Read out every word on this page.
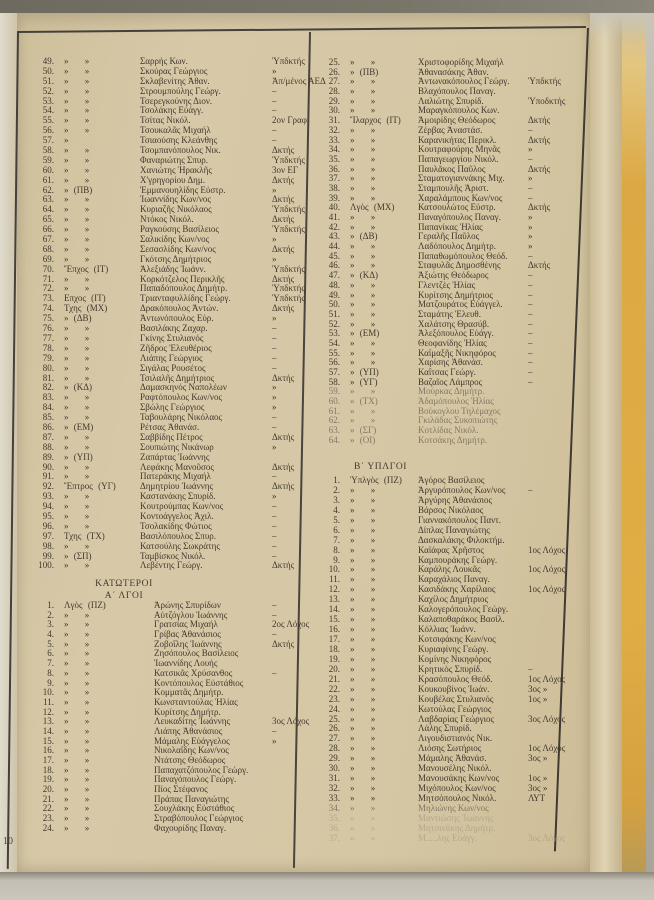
49.	» »	Σαρρής Κων.	Ὑπδκτής
50.	» »	Σκούρας Γεώργιος	»
51.	» »	Σκλαβενίτης Ἀθαν.	Ἀπ/μένος ΑΕΔ
52.	» »	Στρουμπούλης Γεώργ.	–
53.	» »	Τσερεγκούνης Διον.	–
54.	» »	Τσολάκης Εὐάγγ.	–
55.	» »	Τσίτας Νικόλ.	2ον Γραφ.
56.	» »	Τσουκαλᾶς Μιχαήλ	–
57.	»	Τσιαούσης Κλεάνθης	–
58.	» »	Τσομπανόπουλος Νικ.	Δκτής
59.	» »	Φαναριώτης Σπυρ.	Ὑπδκτής
60.	» »	Χανιώτης Ἡρακλῆς	3ον ΕΓ
61.	» »	Χ'γρηγορίου Δημ.	Δκτής
62.	» (ΠΒ)	Ἐμμανουηλίδης Εὐστρ.	»
63.	» »	Ἰωαννίδης Κων/νος	Δκτής
64.	» »	Κυριαζῆς Νικόλαος	Ὑπδκτής
65.	» »	Ντόκος Νικόλ.	Δκτής
66.	» »	Ραγκούσης Βασίλειος	Ὑπδκτής
67.	» »	Σαλικίδης Κων/νος	»
68.	» »	Σεσασλίδης Κων/νος	Δκτής
69.	» »	Γκότσης Δημήτριος	»
70.	Ἔπχος (ΙΤ)	Ἀλεξιάδης Ἰωάνν.	Ὑπδκτής
71.	» »	Κορκότζελος Περικλῆς	Δκτής
72.	» »	Παπαδόπουλος Δημήτρ.	Ὑπδκτής
73.	Επχος (ΙΤ)	Τριανταφυλλίδης Γεώργ.	Ὑπδκτής
74.	Τχης (ΜΧ)	Δρακόπουλος Ἀντών.	Δκτής
75.	» (ΔΒ)	Ἀντωνόπουλος Εὐρ.	»
76.	» »	Βασιλάκης Ζαχαρ.	–
77.	» »	Γκίνης Στυλιανός	–
78.	» »	Ζῆδρος Ἐλευθέριος	–
79.	» »	Λιάπης Γεώργιος	–
80.	» »	Σιγάλας Ρουσέτος	–
81.	» »	Τσιλαλῆς Δημήτριος	Δκτής
82.	» (ΚΔ)	Δαμασκηνός Ναπολέων	»
83.	» »	Ραφτόπουλος Κων/νος	»
84.	» »	Σβώλης Γεώργιος	»
85.	» »	Ταβουλάρης Νικόλαος	–
86.	» (ΕΜ)	Ρέτσας Ἀθανάσ.	–
87.	» »	Σαββίδης Πέτρος	Δκτής
88.	» »	Σουπιώτης Νικάνωρ	»
89.	» (ΥΠ)	Ζαπάρτας Ἰωάννης
90.	» »	Λεφάκης Μανοῦσος	Δκτής
91.	» »	Πατεράκης Μιχαήλ	–
92.	Ἔπτρος (ΥΓ)	Δημητρίου Ἰωάννης	Δκτής
93.	» »	Καστανάκης Σπυρίδ.	»
94.	» »	Κουτρούμπας Κων/νος	–
95.	» »	Κοντοάγγελος Ἀχιλ.	–
96.	» »	Τσολακίδης Φώτιος	–
97.	Τχης (ΤΧ)	Βασιλόπουλος Σπυρ.	–
98.	» »	Κατσούλης Σωκράτης	–
99.	» (ΣΠ)	Ταμβίσκος Νικόλ.	–
100.	» »	Λεβέντης Γεώργ.	Δκτής
ΚΑΤΩΤΕΡΟΙ
Α΄ ΛΓΟΙ
1.	Λγὸς (ΠΖ)	Ἀρώνης Σπυρίδων	–
2.	» »	Αὐτζόγλου Ἰωάννης	–
3.	» »	Γρατσίας Μιχαήλ	2ος Λόχος
4.	» »	Γρίβας Ἀθανάσιος	–
5.	» »	Ζοβοΐλης Ἰωάννης	Δκτής
6.	» »	Ζησόπουλος Βασίλειος
7.	» »	Ἰωαννίδης Λουής
8.	» »	Κατσικᾶς Χρύσανθος	–
9.	» »	Κοντόπουλος Εὐστάθιος
10.	» »	Κομματᾶς Δημήτρ.
11.	» »	Κωνσταντούλας Ἠλίας
12.	» »	Κυρίτσης Δημήτρ.
13.	» »	Λευκαδίτης Ἰωάννης	3ος Λόχος
14.	» »	Λιάπης Ἀθανάσιος	–
15.	» »	Μάμαλης Εὐάγγελος	»
16.	» »	Νικολαΐδης Κων/νος
17.	» »	Ντάτσης Θεόδωρος
18.	» »	Παπαχατζόπουλος Γεώργ.
19.	» »	Παναγόπουλος Γεώργ.
20.	» »	Πίος Στέφανος
21.	» »	Πράπας Παναγιώτης
22.	» »	Σουχλάκης Εὐστάθιος
23.	» »	Στραβόπουλος Γεώργιος
24.	» »	Φαχουρίδης Παναγ.
25.	» »	Χριστοφορίδης Μιχαήλ
26.	» (ΠΒ)	Ἀθανασάκης Ἀθαν.
27.	» »	Ἀντωνακόπουλος Γεώργ.	Ὑπδκτής
28.	» »	Βλαχόπουλος Παναγ.
29.	» »	Λαλιώτης Σπυρίδ.	Ὑποδκτής
30.	» »	Μαραγκόπουλος Κων.
31.	Ἴλαρχος (ΙΤ)	Ἀμοιρίδης Θεόδωρος	Δκτής
32.	» »	Ζέρβας Ἀναστάσ.	–
33.	» »	Καρανικήτας Περικλ.	Δκτής
34.	» »	Κουτραφούρης Μηνᾶς	»
35.	» »	Παπαγεωργίου Νικόλ.	–
36.	» »	Παυλᾶκος Παῦλος	Δκτής
37.	» »	Σταματογιαννάκης Μιχ.	»
38.	» »	Σταμπουλῆς Ἀριστ.	–
39.	» »	Χαραλάμπους Κων/νος	–
40.	Λγὸς (ΜΧ)	Κατσουλώτος Εὐστρ.	Δκτής
41.	» »	Παναγόπουλος Παναγ.	»
42.	» »	Παπανίκας Ἠλίας	»
43.	» (ΔΒ)	Γεραλῆς Παῦλος	»
44.	» »	Λαδόπουλος Δημήτρ.	»
45.	» »	Παπαθωμόπουλος Θεόδ.	–
46.	» »	Σταφυλᾶς Δημοσθένης	Δκτής
47.	» (ΚΔ)	Ἀξιώτης Θεόδωρος	–
48.	» »	Γλεντζὲς Ἠλίας	–
49.	» »	Κυρίτσης Δημήτριος	–
50.	» »	Ματζουράτος Εὐάγγελ.	–
51.	» »	Σταμάτης Ἐλευθ.	–
52.	» »	Χαλάτσης Θρασύβ.	–
53.	» (ΕΜ)	Ἀλεξόπουλος Εὐάγγ.	–
54.	» »	Θεοφανίδης Ἠλίας	–
55.	» »	Καϊμαξῆς Νικηφόρος	–
56.	» »	Χαρίσης Ἀθανάσ.	–
57.	» (ΥΠ)	Καΐτσας Γεώργ.	–
58.	» (ΥΓ)	Βαζαῖος Λάμπρος	–
59.	» »	Μούρκας Δημήτρ.
60.	» (ΤΧ)	Ἀδαμόπουλος Ἠλίας
61.	» »	Βούκογλου Τηλέμαχος
62.	» »	Γκιλάδας Συκοπιώτης
63.	» (ΣΓ)	Κοτλίδας Νικόλ.
64.	» (ΟΙ)	Κοτσάκης Δημήτρ.
Β΄ ΥΠΛΓΟΙ
1.	Ὑπλγὸς (ΠΖ)	Ἀγόρος Βασίλειος
2.	» »	Ἀργυρόπουλος Κων/νος	–
3.	» »	Ἀργύρης Ἀθανάσιος
4.	» »	Βάρσος Νικόλαος
5.	» »	Γιαννακόπουλος Παντ.
6.	» »	Δίπλας Παναγιώτης
7.	» »	Δασκαλάκης Φιλοκτήμ.
8.	» »	Καϊάφας Χρῆστος	1ος Λόχος
9.	» »	Καμπουράκης Γεώργ.
10.	» »	Καράλης Λουκᾶς	1ος Λόχος
11.	» »	Καραχάλιος Παναγ.
12.	» »	Κασιδάκης Χαρίλαος	1ος Λόχος
13.	» »	Καχίλος Δημήτριος
14.	» »	Καλογερόπουλος Γεώργ.
15.	» »	Καλαποθαράκος Βασίλ.
16.	» »	Κόλλιας Ἰωάνν.
17.	» »	Κοτσιφάκης Κων/νος
18.	» »	Κυριαφίνης Γεώργ.
19.	» »	Κομίνης Νικηφόρος
20.	» »	Κρητικὸς Σπυρίδ.	–
21.	» »	Κρασόπουλος Θεόδ.	1ος Λόχος
22.	» »	Κουκουβίνος Ἰωάν.	3ος »
23.	» »	Κουβέλας Στυλιανός	1ος »
24.	» »	Κωτούλας Γεώργιος
25.	» »	Λαβδαρίας Γεώργιος	3ος Λόχος
26.	» »	Λάλης Σπυρίδ.
27.	» »	Λιγουδιστιανός Νικ.
28.	» »	Λιόσης Σωτήριος	1ος Λόχος
29.	» »	Μάμαλης Ἀθανάσ.	3ος »
30.	» »	Μανουσέλης Νικόλ.
31.	» »	Μανουσάκης Κων/νος	1ος »
32.	» »	Μιχόπουλος Κων/νος	3ος »
33.	» »	Μητσόπουλος Νικόλ.	ΛΥΤ
34.	» »	Μηλιώνης Κων/νος
35.	» »	Μαντιώσης Ἰωάννης
36.	» »	Μητσινάκης Δημήτρ.
37.	» »	Μ.....λης Εὐάγγ.	3ος Λόχος
10
